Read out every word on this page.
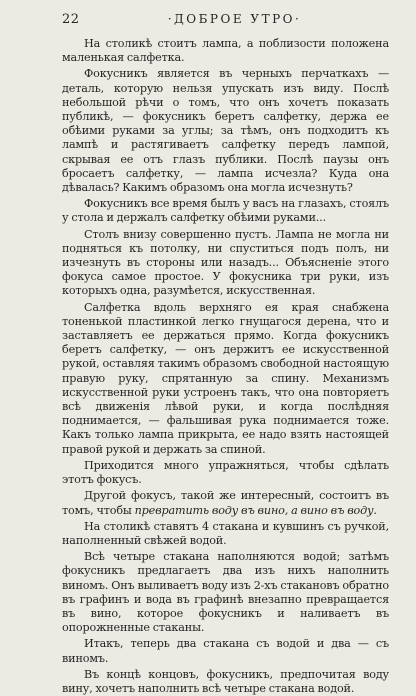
22	·ДОБРОЕ УТРО·

На столикѣ стоитъ лампа, а поблизости положена маленькая салфетка.

Фокусникъ является въ черныхъ перчаткахъ — деталь, которую нельзя упускать изъ виду. Послѣ небольшой рѣчи о томъ, что онъ хочетъ показать публикѣ, — фокусникъ беретъ салфетку, держа ее обѣими руками за углы; за тѣмъ, онъ подходитъ къ лампѣ и растягиваетъ салфетку передъ лампой, скрывая ее отъ глазъ публики. Послѣ паузы онъ бросаетъ салфетку, — лампа исчезла? Куда она дѣвалась? Какимъ образомъ она могла исчезнуть?

Фокусникъ все время былъ у васъ на глазахъ, стоялъ у стола и держалъ салфетку обѣими руками...

Столъ внизу совершенно пустъ. Лампа не могла ни подняться къ потолку, ни спуститься подъ полъ, ни изчезнуть въ стороны или назадъ... Объясненіе этого фокуса самое простое. У фокусника три руки, изъ которыхъ одна, разумѣется, искусственная.

Салфетка вдоль верхняго ея края снабжена тоненькой пластинкой легко гнущагося дерена, что и заставляетъ ее держаться прямо. Когда фокусникъ беретъ салфетку, — онъ держитъ ее искусственной рукой, оставляя такимъ образомъ свободной настоящую правую руку, спрятанную за спину. Механизмъ искусственной руки устроенъ такъ, что она повторяетъ всѣ движенія лѣвой руки, и когда послѣдняя поднимается, — фальшивая рука поднимается тоже. Какъ только лампа прикрыта, ее надо взять настоящей правой рукой и держать за спиной.

Приходится много упражняться, чтобы сдѣлать этотъ фокусъ.

Другой фокусъ, такой же интересный, состоитъ въ томъ, чтобы превратить воду въ вино, а вино въ воду.

На столикѣ ставятъ 4 стакана и кувшинъ съ ручкой, наполненный свѣжей водой.

Всѣ четыре стакана наполняются водой; затѣмъ фокусникъ предлагаетъ два изъ нихъ наполнить виномъ. Онъ выливаетъ воду изъ 2-хъ стакановъ обратно въ графинъ и вода въ графинѣ внезапно превращается въ вино, которое фокусникъ и наливаетъ въ опорожненные стаканы.

Итакъ, теперь два стакана съ водой и два — съ виномъ.

Въ концѣ концовъ, фокусникъ, предпочитая воду вину, хочетъ наполнить всѣ четыре стакана водой.
